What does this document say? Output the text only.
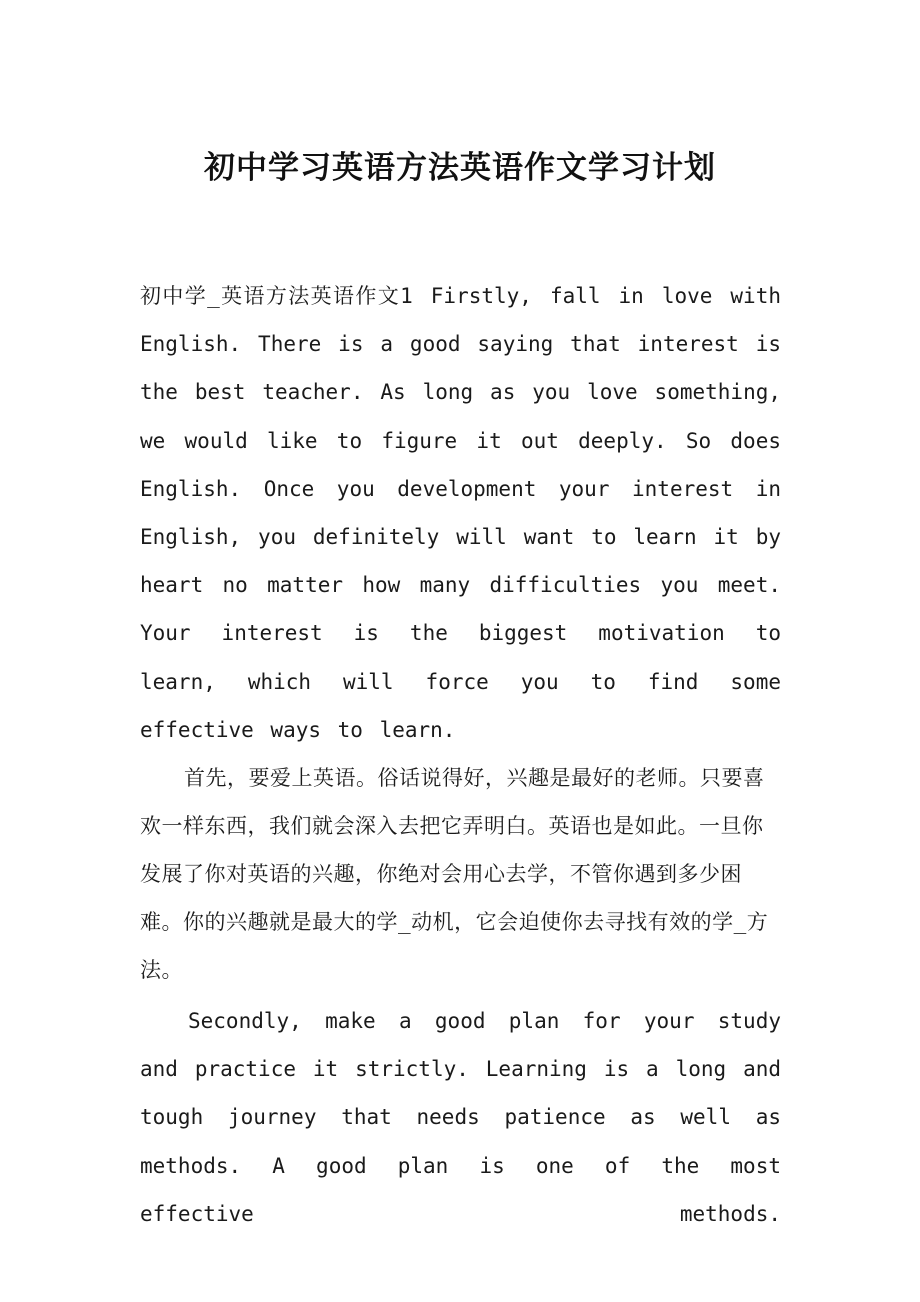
初中学习英语方法英语作文学习计划

初中学_英语方法英语作文1 Firstly, fall in love with English. There is a good saying that interest is the best teacher. As long as you love something, we would like to figure it out deeply. So does English. Once you development your interest in English, you definitely will want to learn it by heart no matter how many difficulties you meet. Your interest is the biggest motivation to learn, which will force you to find some effective ways to learn.

首先，要爱上英语。俗话说得好，兴趣是最好的老师。只要喜欢一样东西，我们就会深入去把它弄明白。英语也是如此。一旦你发展了你对英语的兴趣，你绝对会用心去学，不管你遇到多少困难。你的兴趣就是最大的学_动机，它会迫使你去寻找有效的学_方法。

Secondly, make a good plan for your study and practice it strictly. Learning is a long and tough journey that needs patience as well as methods. A good plan is one of the most effective methods.
